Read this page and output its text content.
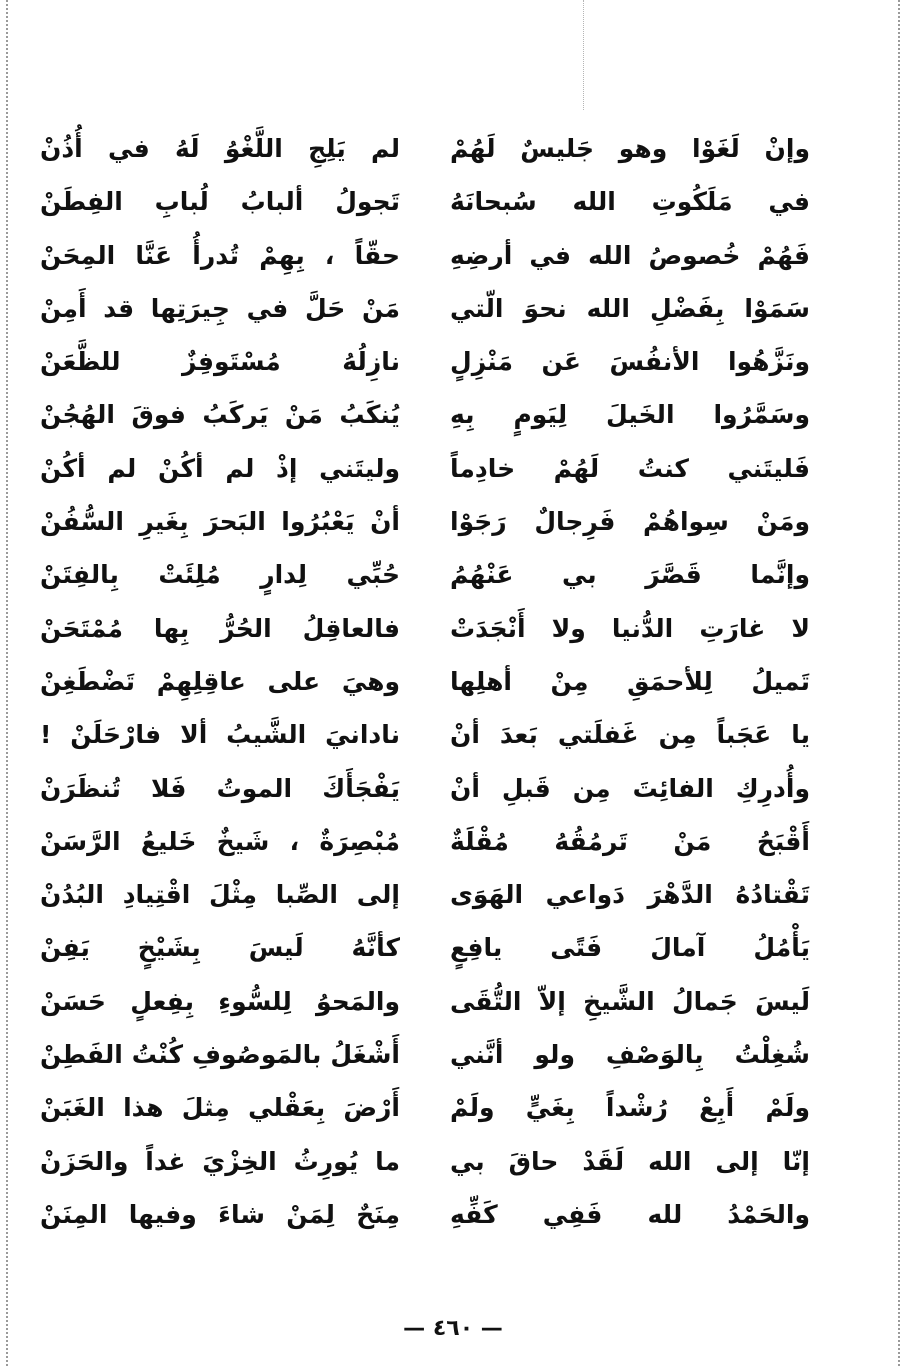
لم يَلِجِ اللَّغْوُ لَهُ في أُذُنْ وإنْ لَغَوْا وهو جَليسٌ لَهُمْ
تَجولُ ألبابُ لُبابِ الفِطَنْ في مَلَكُوتِ الله سُبحانَهُ
حقّاً ، بِهِمْ تُدرأُ عَنَّا المِحَنْ فَهُمْ خُصوصُ الله في أرضِهِ
مَنْ حَلَّ في جِيرَتِها قد أَمِنْ سَمَوْا بِفَضْلِ الله نحوَ الّتي
نازِلُهُ مُسْتَوفِزٌ للظَّعَنْ ونَزَّهُوا الأنفُسَ عَن مَنْزِلٍ
يُنكَبُ مَنْ يَركَبُ فوقَ الهُجُنْ وسَمَّرُوا الخَيلَ لِيَومٍ بِهِ
وليتَني إذْ لم أكُنْ لم أكُنْ فَليتَني كنتُ لَهُمْ خادِماً
أنْ يَعْبُرُوا البَحرَ بِغَيرِ السُّفُنْ ومَنْ سِواهُمْ فَرِجالٌ رَجَوْا
حُبِّي لِدارٍ مُلِئَتْ بِالفِتَنْ وإنَّما قَصَّرَ بي عَنْهُمُ
فالعاقِلُ الحُرُّ بِها مُمْتَحَنْ لا غارَتِ الدُّنيا ولا أَنْجَدَتْ
وهيَ على عاقِلِهِمْ تَضْطَغِنْ تَميلُ لِلأحمَقِ مِنْ أهلِها
نادانيَ الشَّيبُ ألا فارْحَلَنْ ! يا عَجَباً مِن غَفلَتي بَعدَ أنْ
يَفْجَأَكَ الموتُ فَلا تُنظَرَنْ وأُدرِكِ الفائِتَ مِن قَبلِ أنْ
مُبْصِرَةٌ ، شَيخٌ خَليعُ الرَّسَنْ أَقْبَحُ مَنْ تَرمُقُهُ مُقْلَةٌ
إلى الصِّبا مِثْلَ اقْتِيادِ البُدُنْ تَقْتادُهُ الدَّهْرَ دَواعي الهَوَى
كأنَّهُ لَيسَ بِشَيْخٍ يَفِنْ يَأْمُلُ آمالَ فَتًى يافِعٍ
والمَحوُ لِلسُّوءِ بِفِعلٍ حَسَنْ لَيسَ جَمالُ الشَّيخِ إلاّ التُّقَى
أَشْغَلُ بالمَوصُوفِ كُنْتُ الفَطِنْ شُغِلْتُ بِالوَصْفِ ولو أنَّني
أَرْضَ بِعَقْلي مِثلَ هذا الغَبَنْ ولَمْ أَبِعْ رُشْداً بِغَيٍّ ولَمْ
ما يُورِثُ الخِزْيَ غداً والحَزَنْ إنّا إلى الله لَقَدْ حاقَ بي
مِنَحٌ لِمَنْ شاءَ وفيها المِنَنْ والحَمْدُ لله فَفِي كَفِّهِ
— ٤٦٠ —
